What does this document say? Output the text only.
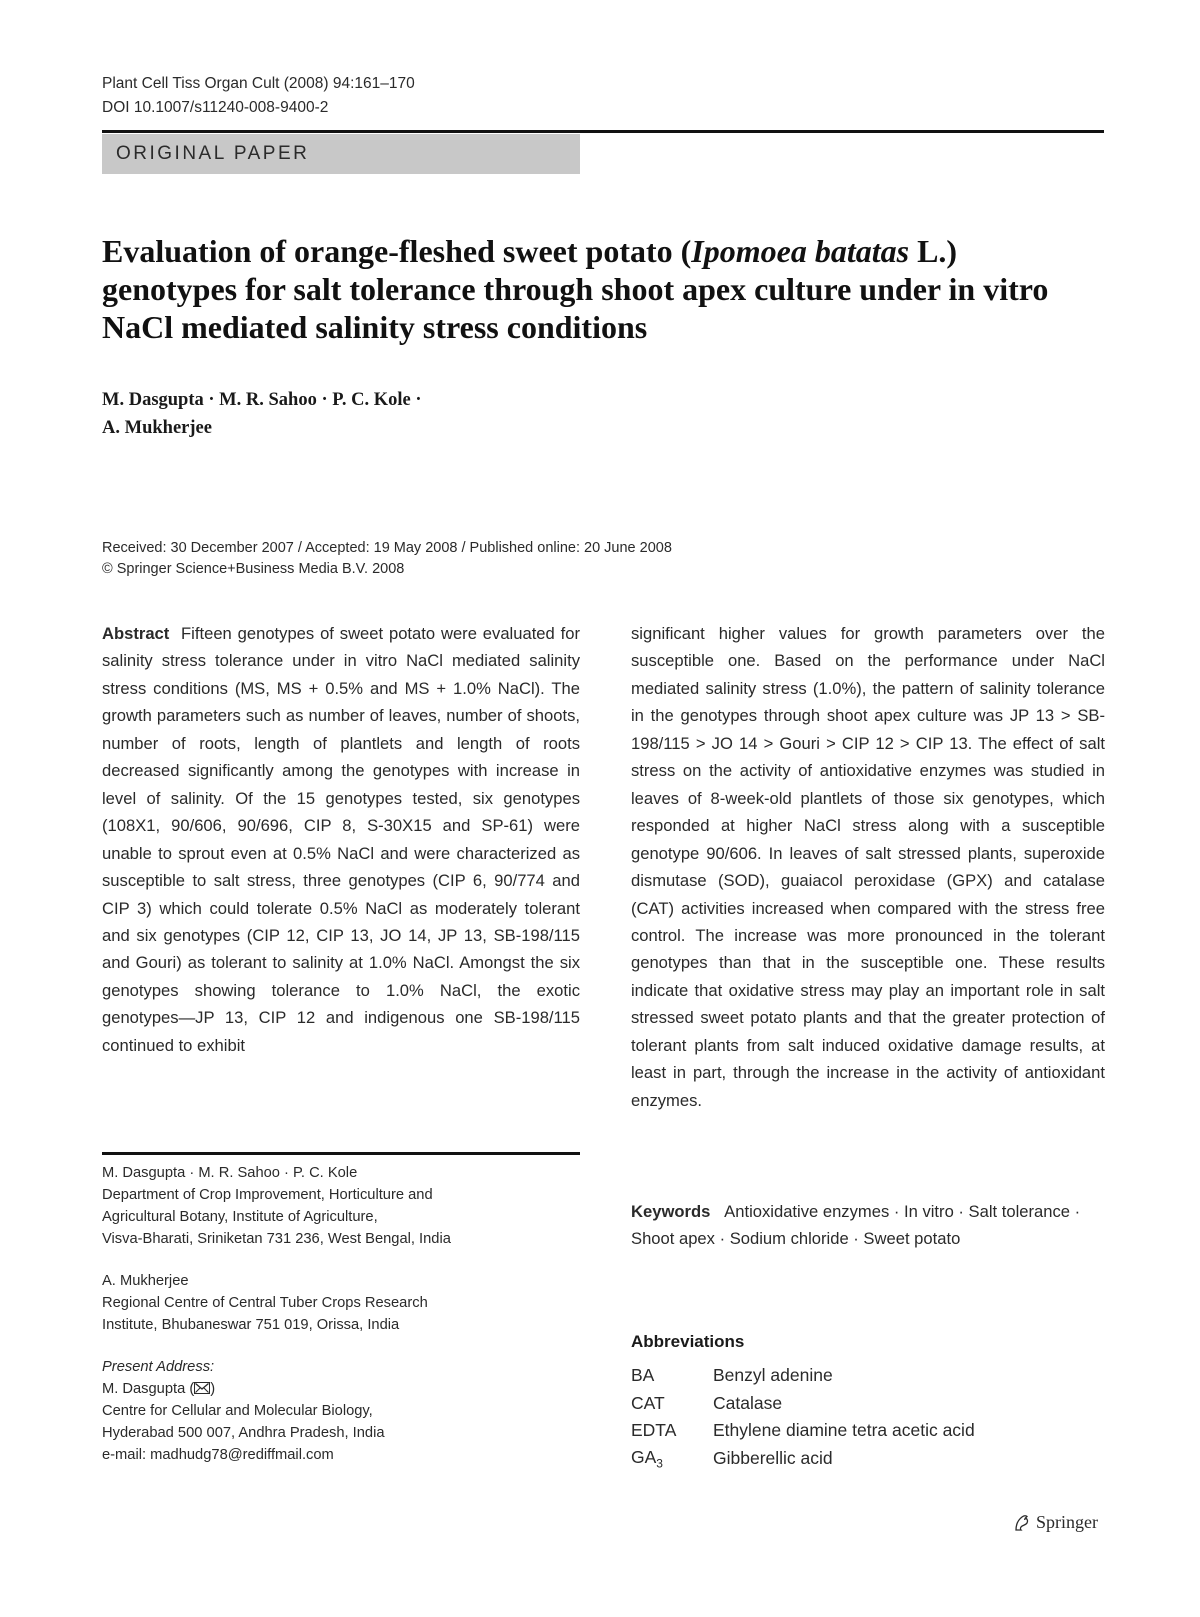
Plant Cell Tiss Organ Cult (2008) 94:161–170
DOI 10.1007/s11240-008-9400-2
ORIGINAL PAPER
Evaluation of orange-fleshed sweet potato (Ipomoea batatas L.) genotypes for salt tolerance through shoot apex culture under in vitro NaCl mediated salinity stress conditions
M. Dasgupta · M. R. Sahoo · P. C. Kole ·
A. Mukherjee
Received: 30 December 2007 / Accepted: 19 May 2008 / Published online: 20 June 2008
© Springer Science+Business Media B.V. 2008
Abstract Fifteen genotypes of sweet potato were evaluated for salinity stress tolerance under in vitro NaCl mediated salinity stress conditions (MS, MS + 0.5% and MS + 1.0% NaCl). The growth parameters such as number of leaves, number of shoots, number of roots, length of plantlets and length of roots decreased significantly among the genotypes with increase in level of salinity. Of the 15 genotypes tested, six genotypes (108X1, 90/606, 90/696, CIP 8, S-30X15 and SP-61) were unable to sprout even at 0.5% NaCl and were characterized as susceptible to salt stress, three genotypes (CIP 6, 90/774 and CIP 3) which could tolerate 0.5% NaCl as moderately tolerant and six genotypes (CIP 12, CIP 13, JO 14, JP 13, SB-198/115 and Gouri) as tolerant to salinity at 1.0% NaCl. Amongst the six genotypes showing tolerance to 1.0% NaCl, the exotic genotypes—JP 13, CIP 12 and indigenous one SB-198/115 continued to exhibit
significant higher values for growth parameters over the susceptible one. Based on the performance under NaCl mediated salinity stress (1.0%), the pattern of salinity tolerance in the genotypes through shoot apex culture was JP 13 > SB-198/115 > JO 14 > Gouri > CIP 12 > CIP 13. The effect of salt stress on the activity of antioxidative enzymes was studied in leaves of 8-week-old plantlets of those six genotypes, which responded at higher NaCl stress along with a susceptible genotype 90/606. In leaves of salt stressed plants, superoxide dismutase (SOD), guaiacol peroxidase (GPX) and catalase (CAT) activities increased when compared with the stress free control. The increase was more pronounced in the tolerant genotypes than that in the susceptible one. These results indicate that oxidative stress may play an important role in salt stressed sweet potato plants and that the greater protection of tolerant plants from salt induced oxidative damage results, at least in part, through the increase in the activity of antioxidant enzymes.

M. Dasgupta · M. R. Sahoo · P. C. Kole

Department of Crop Improvement, Horticulture and

Agricultural Botany, Institute of Agriculture,

Visva-Bharati, Sriniketan 731 236, West Bengal, India

A. Mukherjee

Regional Centre of Central Tuber Crops Research

Institute, Bhubaneswar 751 019, Orissa, India

Present Address:

M. Dasgupta ( )

Centre for Cellular and Molecular Biology,

Hyderabad 500 007, Andhra Pradesh, India

e-mail: madhudg78@rediffmail.com

Keywords Antioxidative enzymes · In vitro · Salt tolerance · Shoot apex · Sodium chloride · Sweet potato
Abbreviations
BA	Benzyl adenine
CAT	Catalase
EDTA	Ethylene diamine tetra acetic acid
$GA_3$	Gibberellic acid
Springer
